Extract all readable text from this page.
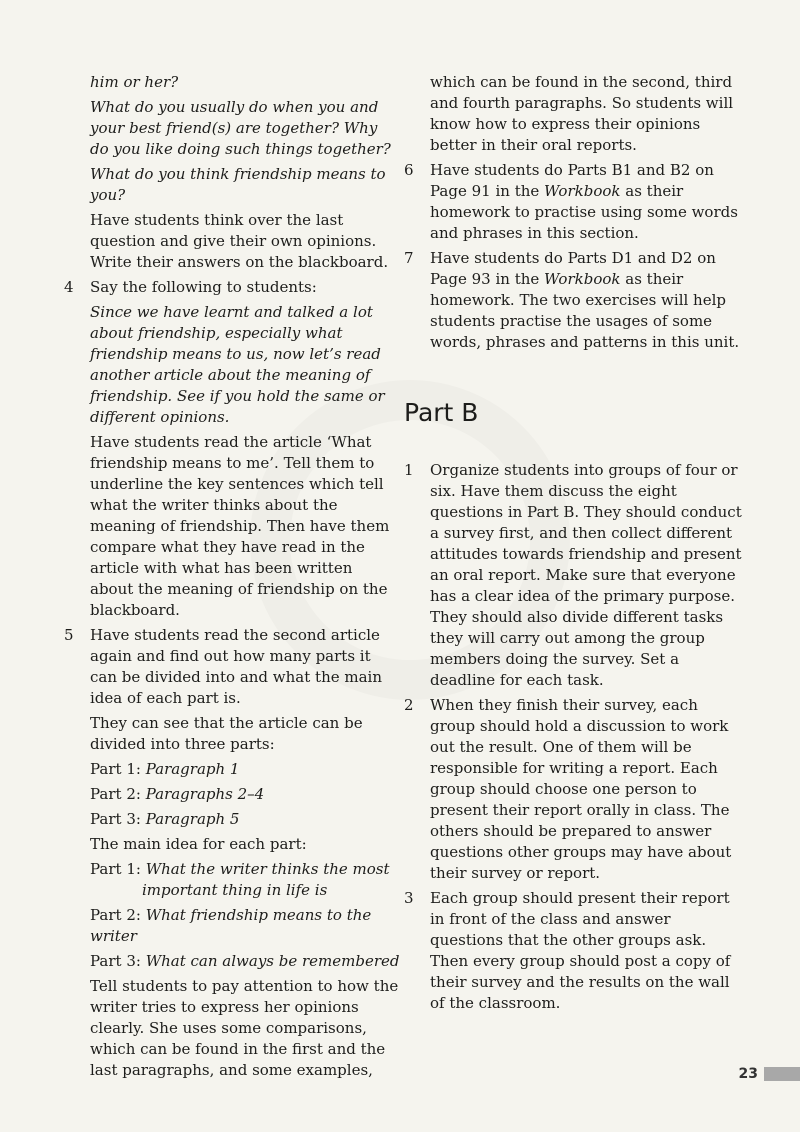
him or her?

What do you usually do when you and your best friend(s) are together? Why do you like doing such things together?

What do you think friendship means to you?

Have students think over the last question and give their own opinions. Write their answers on the blackboard.

4 Say the following to students:

Since we have learnt and talked a lot about friendship, especially what friendship means to us, now let’s read another article about the meaning of friendship. See if you hold the same or different opinions.

Have students read the article ‘What friendship means to me’. Tell them to underline the key sentences which tell what the writer thinks about the meaning of friendship. Then have them compare what they have read in the article with what has been written about the meaning of friendship on the blackboard.

5 Have students read the second article again and find out how many parts it can be divided into and what the main idea of each part is.

They can see that the article can be divided into three parts:

Part 1: Paragraph 1

Part 2: Paragraphs 2–4

Part 3: Paragraph 5

The main idea for each part:

Part 1: What the writer thinks the most important thing in life is

Part 2: What friendship means to the writer

Part 3: What can always be remembered

Tell students to pay attention to how the writer tries to express her opinions clearly. She uses some comparisons, which can be found in the first and the last paragraphs, and some examples,

which can be found in the second, third and fourth paragraphs. So students will know how to express their opinions better in their oral reports.

6 Have students do Parts B1 and B2 on Page 91 in the Workbook as their homework to practise using some words and phrases in this section.
7 Have students do Parts D1 and D2 on Page 93 in the Workbook as their homework. The two exercises will help students practise the usages of some words, phrases and patterns in this unit.
Part B
1 Organize students into groups of four or six. Have them discuss the eight questions in Part B. They should conduct a survey first, and then collect different attitudes towards friendship and present an oral report. Make sure that everyone has a clear idea of the primary purpose. They should also divide different tasks they will carry out among the group members doing the survey. Set a deadline for each task.
2 When they finish their survey, each group should hold a discussion to work out the result. One of them will be responsible for writing a report. Each group should choose one person to present their report orally in class. The others should be prepared to answer questions other groups may have about their survey or report.
3 Each group should present their report in front of the class and answer questions that the other groups ask. Then every group should post a copy of their survey and the results on the wall of the classroom.
23
